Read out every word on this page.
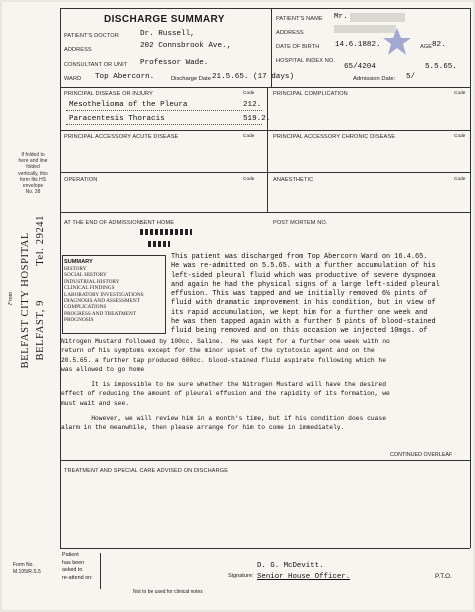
DISCHARGE SUMMARY
PATIENT'S DOCTOR	Dr. Russell,
ADDRESS	202 Connsbrook Ave.,
CONSULTANT OR UNIT Professor Wade.
WARD Top Abercorn.	Discharge Date 21.5.65. (17 days)
PATIENT'S NAME Mr.
ADDRESS
DATE OF BIRTH 14.6.1882.	AGE 82.
HOSPITAL INDEX NO.
65/4204	5.5.65.
Admission Date: 5/
PRINCIPAL DISEASE OR INJURY	Code
Mesothelioma of the Pleura	212.
Paracentesis Thoracis	519.2.
PRINCIPAL COMPLICATION	Code
PRINCIPAL ACCESSORY ACUTE DISEASE	Code	PRINCIPAL ACCESSORY CHRONIC DISEASE	Code
OPERATION	Code	ANAESTHETIC	Code
AT THE END OF ADMISSION:
SENT HOME	POST MORTEM NO.
If folded to
here and line
folded
vertically, this
form fits HS
envelope
No. 38
From BELFAST CITY HOSPITAL BELFAST, 9
Tel. 29241	SUMMARY
HISTORY
SOCIAL HISTORY
INDUSTRIAL HISTORY
CLINICAL FINDINGS
LABORATORY INVESTIGATIONS
DIAGNOSIS AND ASSESSMENT
COMPLICATIONS
PROGRESS AND TREATMENT
PROGNOSIS
This patient was discharged from Top Abercorn Ward on 16.4.65.
He was re-admitted on 5.5.65. with a further accumulation of his
left-sided pleural fluid which was productive of severe dyspnoea
and again he had the physical signs of a large left-sided pleural
effusion. This was tapped and we initially removed 6½ pints of
fluid with dramatic improvement in his condition, but in view of
its rapid accumulation, we kept him for a further one week and
he was then tapped again with a further 5 pints of blood-stained
fluid being removed and on this occasion we injected 10mgs. of
Nitrogen Mustard followed by 100cc. Saline.  He was kept for a further one week with no
return of his symptoms except for the minor upset of the cytotoxic agent and on the
20.5.65. a further tap produced 600cc. blood-stained fluid aspirate following which he
was allowed to go home
It is impossible to be sure whether the Nitrogen Mustard will have the desired
effect of reducing the amount of pleural effusion and the rapidity of its formation, we
must wait and see.
However, we will review him in a month's time, but if his condition does cuase
alarm in the meanwhile, then please arrange for him to come in immediately.
CONTINUED OVERLEAF
TREATMENT AND SPECIAL CARE ADVISED ON DISCHARGE
Form No.
M.105/R.S.5
Patient
has been
asked to
re-attend on:
Not to be used for clinical notes
Signature:
D. G. McDevitt.
Senior House Officer.	P.T.O.
